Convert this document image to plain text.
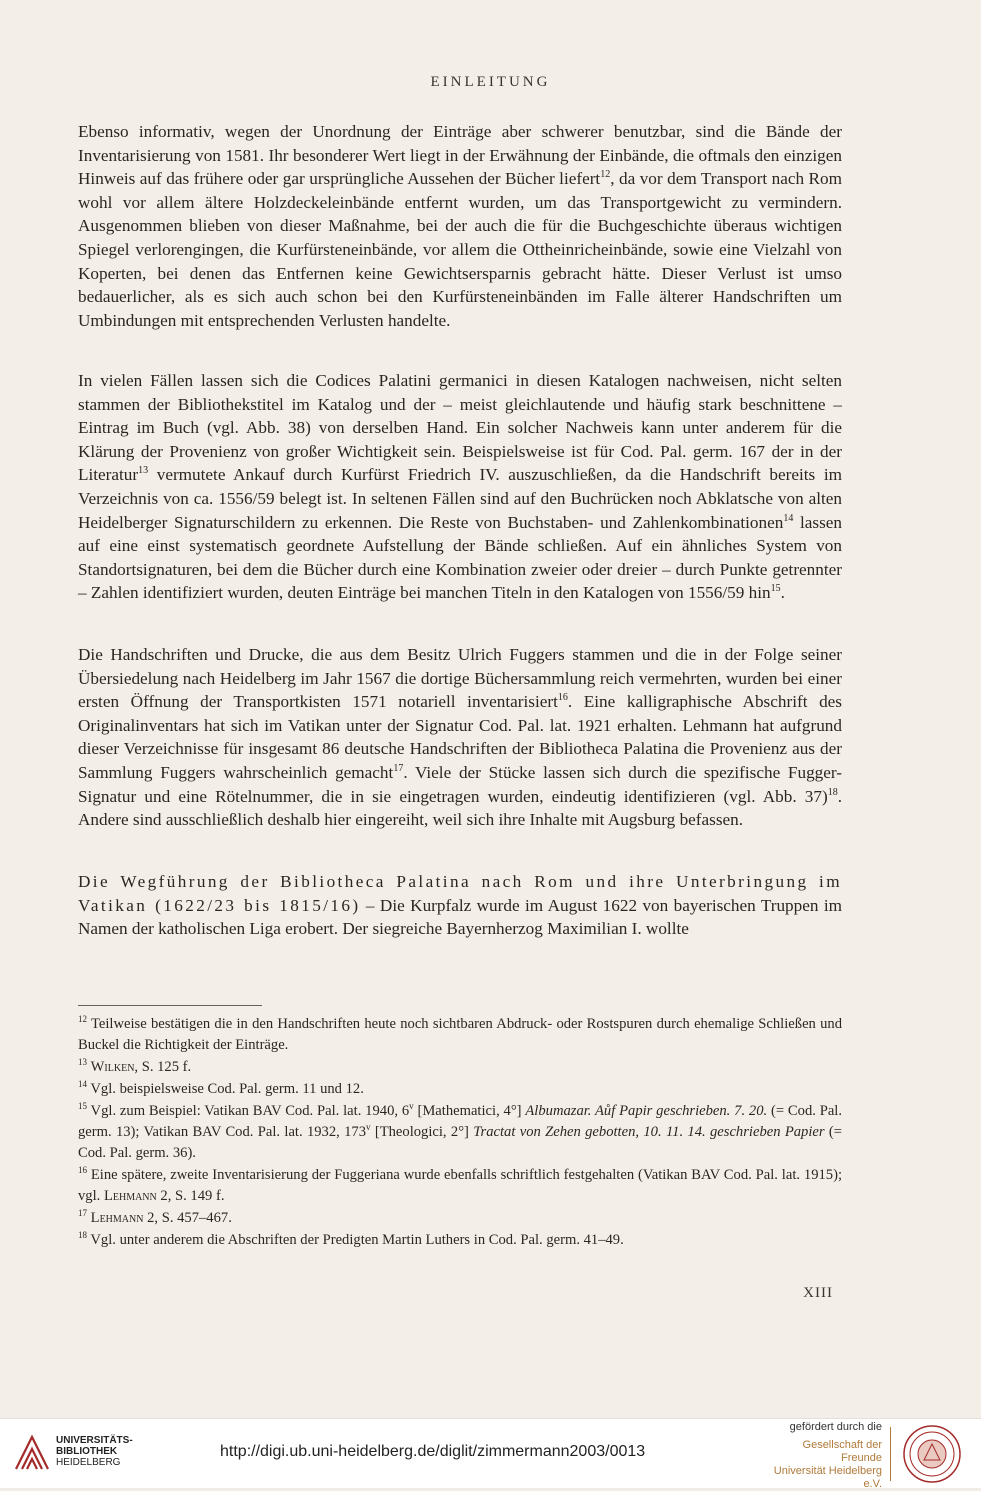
EINLEITUNG

Ebenso informativ, wegen der Unordnung der Einträge aber schwerer benutzbar, sind die Bände der Inventarisierung von 1581. Ihr besonderer Wert liegt in der Erwähnung der Einbände, die oftmals den einzigen Hinweis auf das frühere oder gar ursprüngliche Aussehen der Bücher liefert$^{12}$, da vor dem Transport nach Rom wohl vor allem ältere Holzdeckeleinbände entfernt wurden, um das Transportgewicht zu vermindern. Ausgenommen blieben von dieser Maßnahme, bei der auch die für die Buchgeschichte überaus wichtigen Spiegel verlorengingen, die Kurfürsteneinbände, vor allem die Ottheinricheinbände, sowie eine Vielzahl von Koperten, bei denen das Entfernen keine Gewichtsersparnis gebracht hätte. Dieser Verlust ist umso bedauerlicher, als es sich auch schon bei den Kurfürsteneinbänden im Falle älterer Handschriften um Umbindungen mit entsprechenden Verlusten handelte.

In vielen Fällen lassen sich die Codices Palatini germanici in diesen Katalogen nachweisen, nicht selten stammen der Bibliothekstitel im Katalog und der – meist gleichlautende und häufig stark beschnittene – Eintrag im Buch (vgl. Abb. 38) von derselben Hand. Ein solcher Nachweis kann unter anderem für die Klärung der Provenienz von großer Wichtigkeit sein. Beispielsweise ist für Cod. Pal. germ. 167 der in der Literatur$^{13}$ vermutete Ankauf durch Kurfürst Friedrich IV. auszuschließen, da die Handschrift bereits im Verzeichnis von ca. 1556/59 belegt ist. In seltenen Fällen sind auf den Buchrücken noch Abklatsche von alten Heidelberger Signaturschildern zu erkennen. Die Reste von Buchstaben- und Zahlenkombinationen$^{14}$ lassen auf eine einst systematisch geordnete Aufstellung der Bände schließen. Auf ein ähnliches System von Standortsignaturen, bei dem die Bücher durch eine Kombination zweier oder dreier – durch Punkte getrennter – Zahlen identifiziert wurden, deuten Einträge bei manchen Titeln in den Katalogen von 1556/59 hin$^{15}$.

Die Handschriften und Drucke, die aus dem Besitz Ulrich Fuggers stammen und die in der Folge seiner Übersiedelung nach Heidelberg im Jahr 1567 die dortige Büchersammlung reich vermehrten, wurden bei einer ersten Öffnung der Transportkisten 1571 notariell inventarisiert$^{16}$. Eine kalligraphische Abschrift des Originalinventars hat sich im Vatikan unter der Signatur Cod. Pal. lat. 1921 erhalten. Lehmann hat aufgrund dieser Verzeichnisse für insgesamt 86 deutsche Handschriften der Bibliotheca Palatina die Provenienz aus der Sammlung Fuggers wahrscheinlich gemacht$^{17}$. Viele der Stücke lassen sich durch die spezifische Fugger-Signatur und eine Rötelnummer, die in sie eingetragen wurden, eindeutig identifizieren (vgl. Abb. 37)$^{18}$. Andere sind ausschließlich deshalb hier eingereiht, weil sich ihre Inhalte mit Augsburg befassen.

Die Wegführung der Bibliotheca Palatina nach Rom und ihre Unterbringung im Vatikan (1622/23 bis 1815/16) – Die Kurpfalz wurde im August 1622 von bayerischen Truppen im Namen der katholischen Liga erobert. Der siegreiche Bayernherzog Maximilian I. wollte

$^{12}$ Teilweise bestätigen die in den Handschriften heute noch sichtbaren Abdruck- oder Rostspuren durch ehemalige Schließen und Buckel die Richtigkeit der Einträge.

$^{13}$ Wilken, S. 125 f.

$^{14}$ Vgl. beispielsweise Cod. Pal. germ. 11 und 12.

$^{15}$ Vgl. zum Beispiel: Vatikan BAV Cod. Pal. lat. 1940, 6$^v$ [Mathematici, 4°] Albumazar. Aůf Papir geschrieben. 7. 20. (= Cod. Pal. germ. 13); Vatikan BAV Cod. Pal. lat. 1932, 173$^v$ [Theologici, 2°] Tractat von Zehen gebotten, 10. 11. 14. geschrieben Papier (= Cod. Pal. germ. 36).

$^{16}$ Eine spätere, zweite Inventarisierung der Fuggeriana wurde ebenfalls schriftlich festgehalten (Vatikan BAV Cod. Pal. lat. 1915); vgl. Lehmann 2, S. 149 f.

$^{17}$ Lehmann 2, S. 457–467.

$^{18}$ Vgl. unter anderem die Abschriften der Predigten Martin Luthers in Cod. Pal. germ. 41–49.

XIII
UNIVERSITÄTS-
BIBLIOTHEK
HEIDELBERG
http://digi.ub.uni-heidelberg.de/diglit/zimmermann2003/0013
gefördert durch die
Gesellschaft der Freunde
Universität Heidelberg e.V.
